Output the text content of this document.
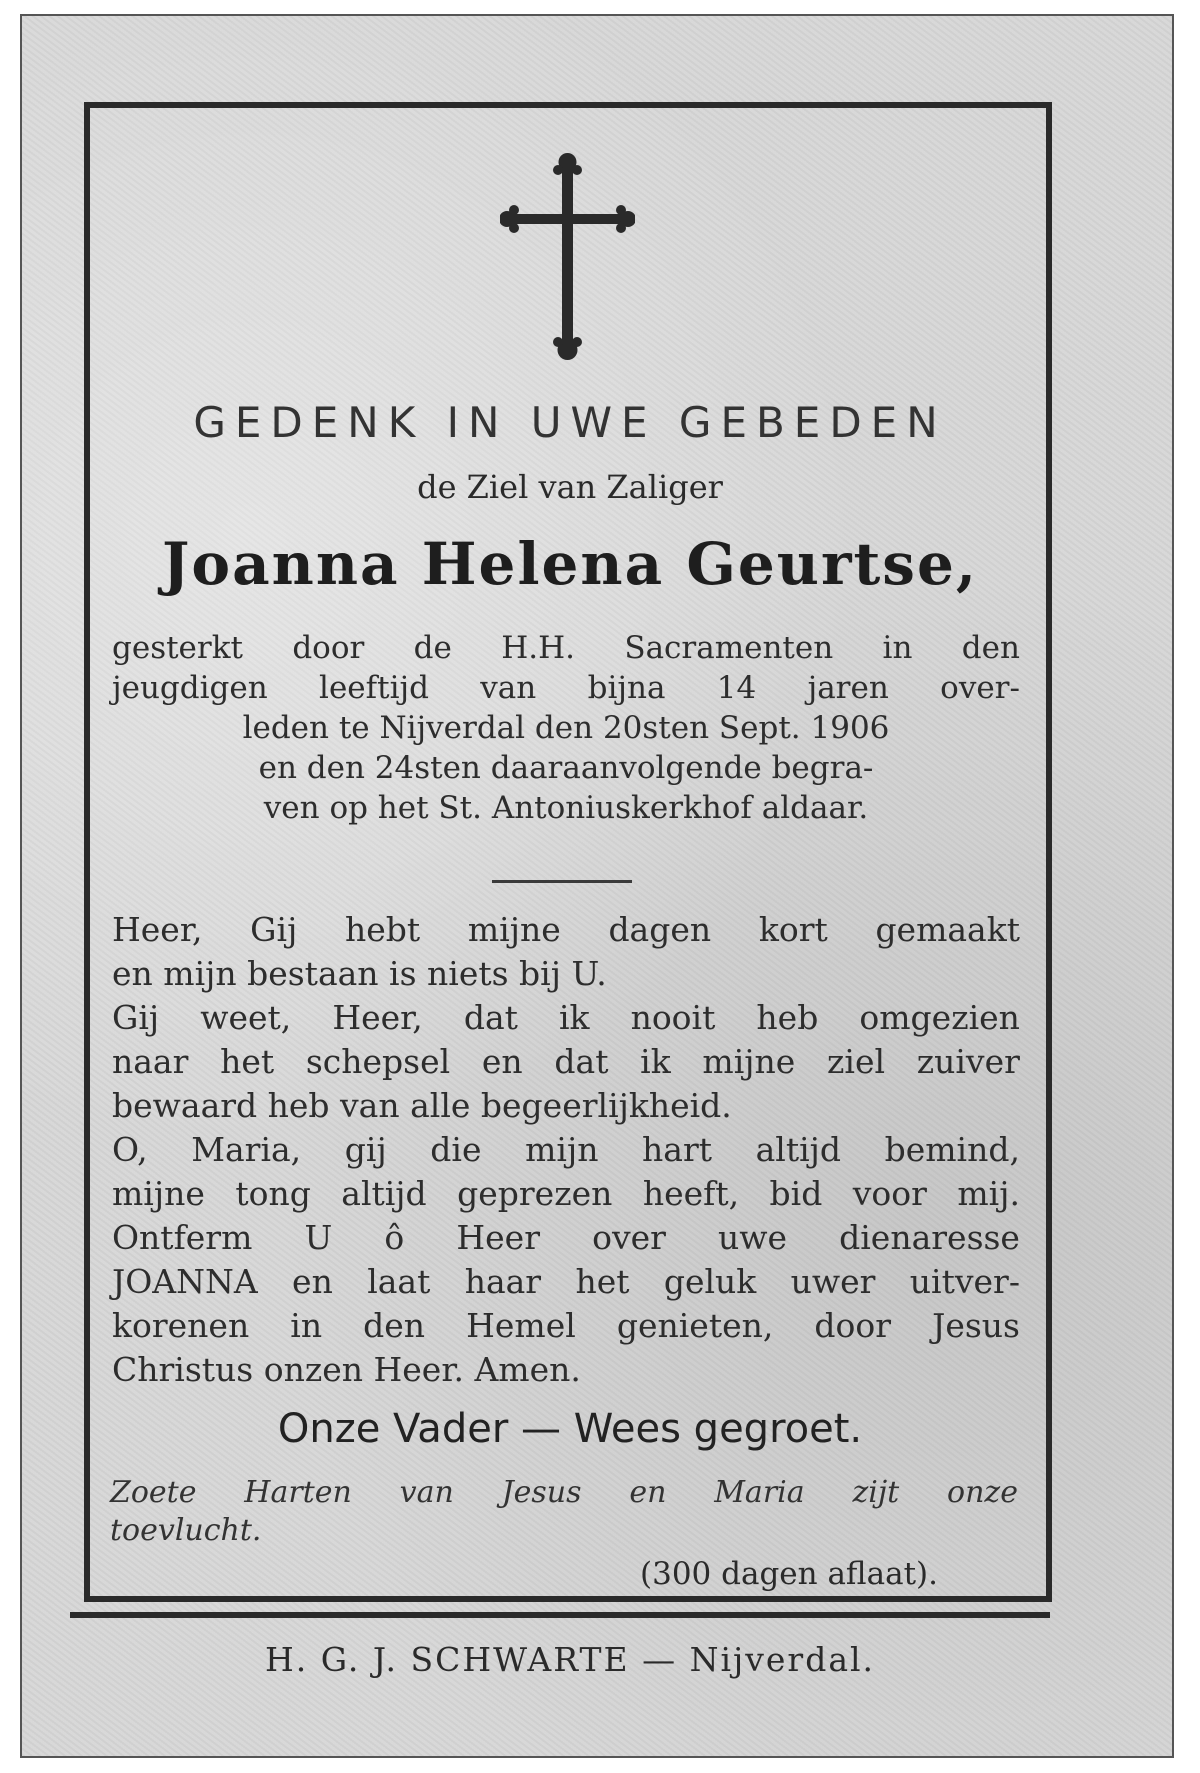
GEDENK IN UWE GEBEDEN
de Ziel van Zaliger
Joanna Helena Geurtse,
gesterkt door de H.H. Sacramenten in den
jeugdigen leeftijd van bijna 14 jaren over-
leden te Nijverdal den 20sten Sept. 1906
en den 24sten daaraanvolgende begra-
ven op het St. Antoniuskerkhof aldaar.
Heer, Gij hebt mijne dagen kort gemaakt
en mijn bestaan is niets bij U.
Gij weet, Heer, dat ik nooit heb omgezien
naar het schepsel en dat ik mijne ziel zuiver
bewaard heb van alle begeerlijkheid.
O, Maria, gij die mijn hart altijd bemind,
mijne tong altijd geprezen heeft, bid voor mij.
Ontferm U ô Heer over uwe dienaresse
JOANNA en laat haar het geluk uwer uitver-
korenen in den Hemel genieten, door Jesus
Christus onzen Heer. Amen.
Onze Vader — Wees gegroet.
Zoete Harten van Jesus en Maria zijt onze
toevlucht.
(300 dagen aflaat).
H. G. J. SCHWARTE — Nijverdal.
